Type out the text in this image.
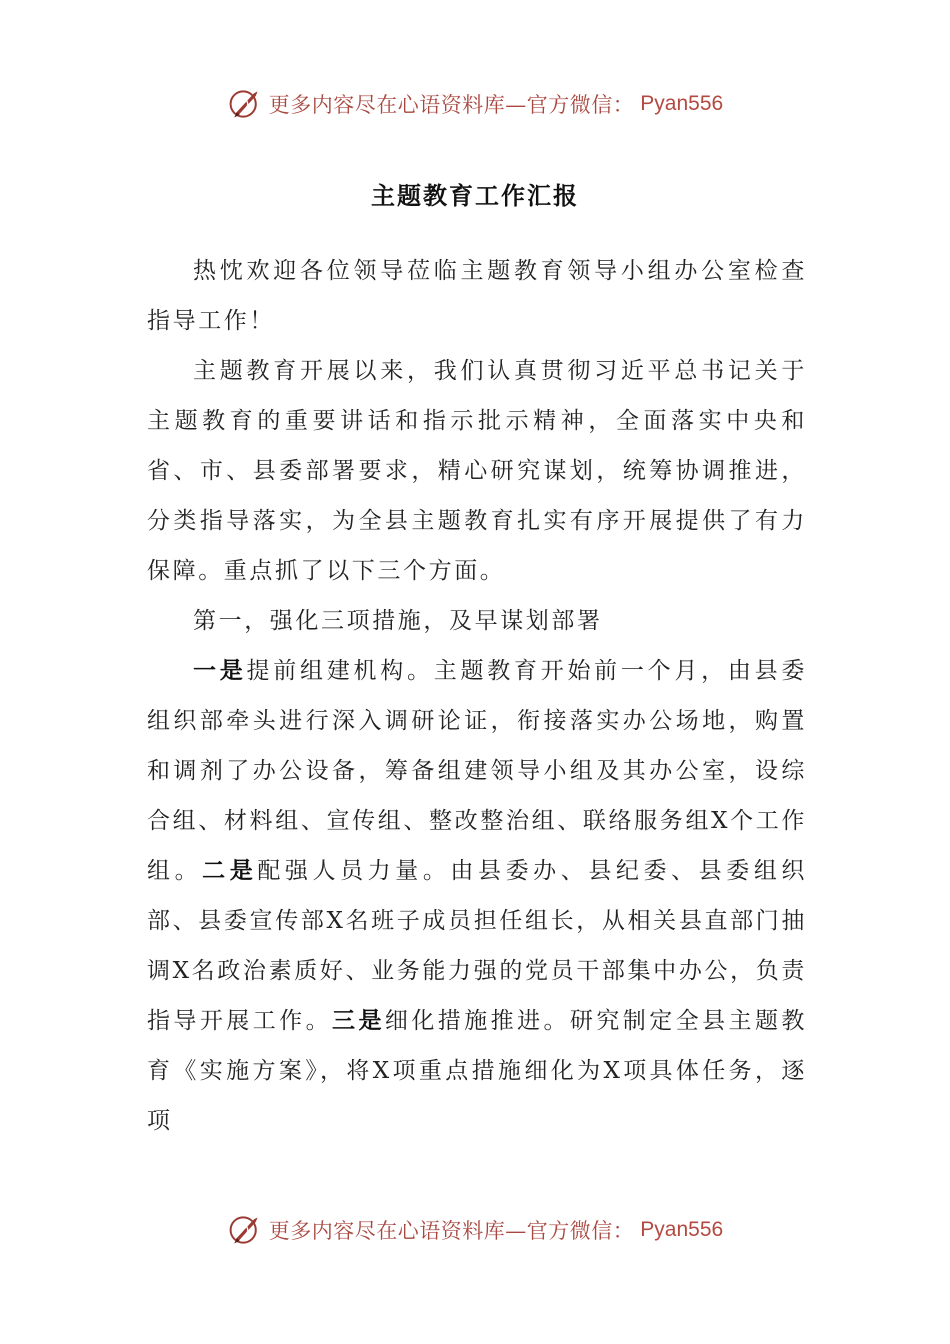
更多内容尽在心语资料库—官方微信： Pyan556
主题教育工作汇报

热忱欢迎各位领导莅临主题教育领导小组办公室检查指导工作！

主题教育开展以来，我们认真贯彻习近平总书记关于主题教育的重要讲话和指示批示精神，全面落实中央和省、市、县委部署要求，精心研究谋划，统筹协调推进，分类指导落实，为全县主题教育扎实有序开展提供了有力保障。重点抓了以下三个方面。

第一，强化三项措施，及早谋划部署

一是提前组建机构。主题教育开始前一个月，由县委组织部牵头进行深入调研论证，衔接落实办公场地，购置和调剂了办公设备，筹备组建领导小组及其办公室，设综合组、材料组、宣传组、整改整治组、联络服务组X个工作组。二是配强人员力量。由县委办、县纪委、县委组织部、县委宣传部X名班子成员担任组长，从相关县直部门抽调X名政治素质好、业务能力强的党员干部集中办公，负责指导开展工作。三是细化措施推进。研究制定全县主题教育《实施方案》，将X项重点措施细化为X项具体任务，逐项

更多内容尽在心语资料库—官方微信： Pyan556
